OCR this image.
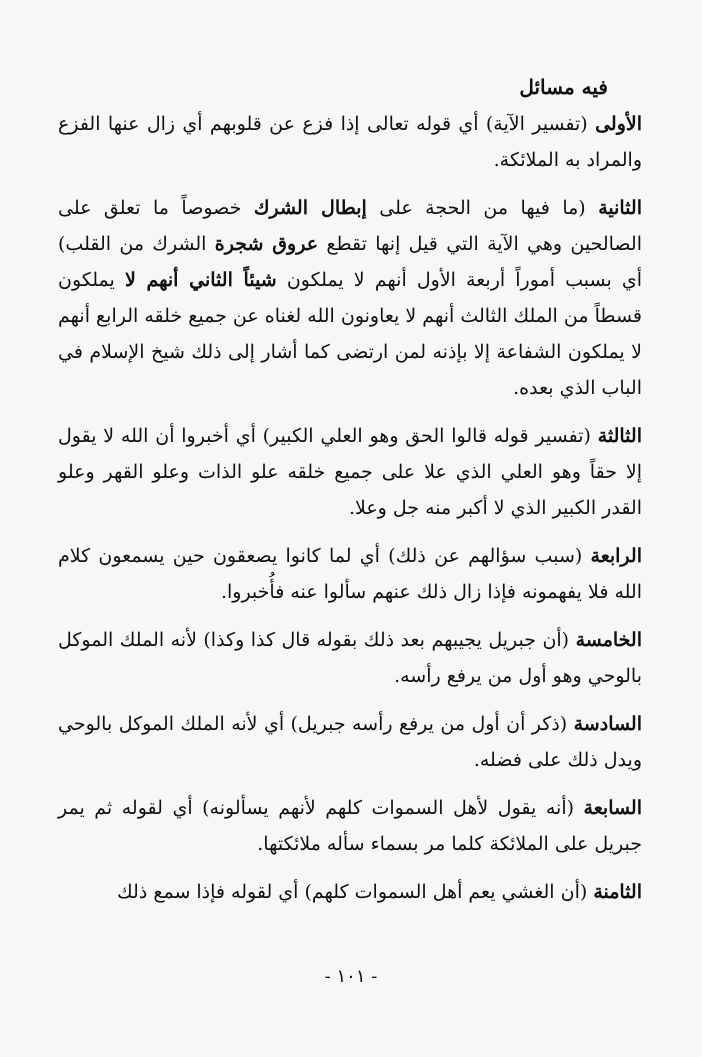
فيه مسائل

الأولى (تفسير الآية) أي قوله تعالى إذا فزع عن قلوبهم أي زال عنها الفزع والمراد به الملائكة.

الثانية (ما فيها من الحجة على إبطال الشرك خصوصاً ما تعلق على الصالحين وهي الآية التي قيل إنها تقطع عروق شجرة الشرك من القلب) أي بسبب أموراً أربعة الأول أنهم لا يملكون شيئاً الثاني أنهم لا يملكون قسطاً من الملك الثالث أنهم لا يعاونون الله لغناه عن جميع خلقه الرابع أنهم لا يملكون الشفاعة إلا بإذنه لمن ارتضى كما أشار إلى ذلك شيخ الإسلام في الباب الذي بعده.

الثالثة (تفسير قوله قالوا الحق وهو العلي الكبير) أي أخبروا أن الله لا يقول إلا حقاً وهو العلي الذي علا على جميع خلقه علو الذات وعلو القهر وعلو القدر الكبير الذي لا أكبر منه جل وعلا.

الرابعة (سبب سؤالهم عن ذلك) أي لما كانوا يصعقون حين يسمعون كلام الله فلا يفهمونه فإذا زال ذلك عنهم سألوا عنه فأُخبروا.

الخامسة (أن جبريل يجيبهم بعد ذلك بقوله قال كذا وكذا) لأنه الملك الموكل بالوحي وهو أول من يرفع رأسه.

السادسة (ذكر أن أول من يرفع رأسه جبريل) أي لأنه الملك الموكل بالوحي ويدل ذلك على فضله.

السابعة (أنه يقول لأهل السموات كلهم لأنهم يسألونه) أي لقوله ثم يمر جبريل على الملائكة كلما مر بسماء سأله ملائكتها.

الثامنة (أن الغشي يعم أهل السموات كلهم) أي لقوله فإذا سمع ذلك

- ١٠١ -
